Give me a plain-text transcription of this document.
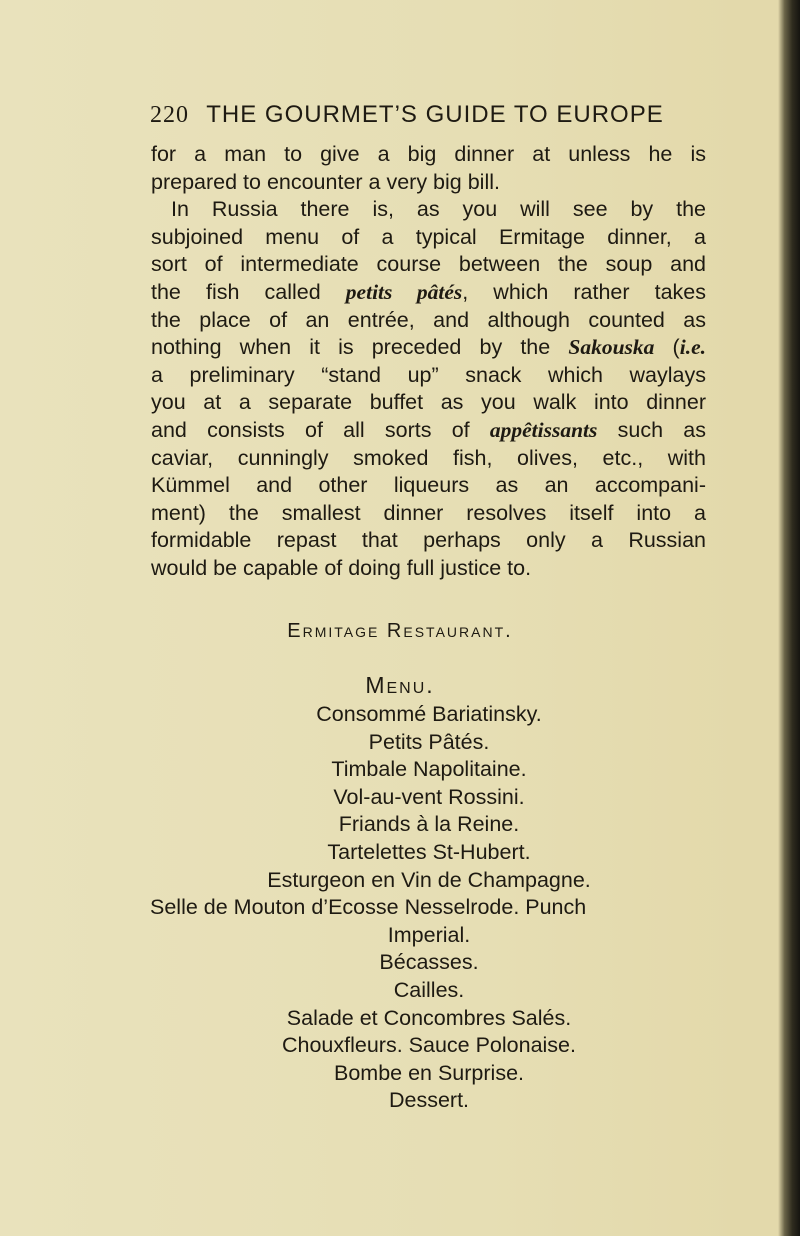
220 THE GOURMET’S GUIDE TO EUROPE
for a man to give a big dinner at unless he is
prepared to encounter a very big bill.
In Russia there is, as you will see by the
subjoined menu of a typical Ermitage dinner, a
sort of intermediate course between the soup and
the fish called petits pâtés, which rather takes
the place of an entrée, and although counted as
nothing when it is preceded by the Sakouska (i.e.
a preliminary “stand up” snack which waylays
you at a separate buffet as you walk into dinner
and consists of all sorts of appêtissants such as
caviar, cunningly smoked fish, olives, etc., with
Kümmel and other liqueurs as an accompani-
ment) the smallest dinner resolves itself into a
formidable repast that perhaps only a Russian
would be capable of doing full justice to.
Ermitage Restaurant.
Menu.
Consommé Bariatinsky.
Petits Pâtés.
Timbale Napolitaine.
Vol-au-vent Rossini.
Friands à la Reine.
Tartelettes St-Hubert.
Esturgeon en Vin de Champagne.
Selle de Mouton d’Ecosse Nesselrode. Punch
Imperial.
Bécasses.
Cailles.
Salade et Concombres Salés.
Chouxfleurs. Sauce Polonaise.
Bombe en Surprise.
Dessert.
